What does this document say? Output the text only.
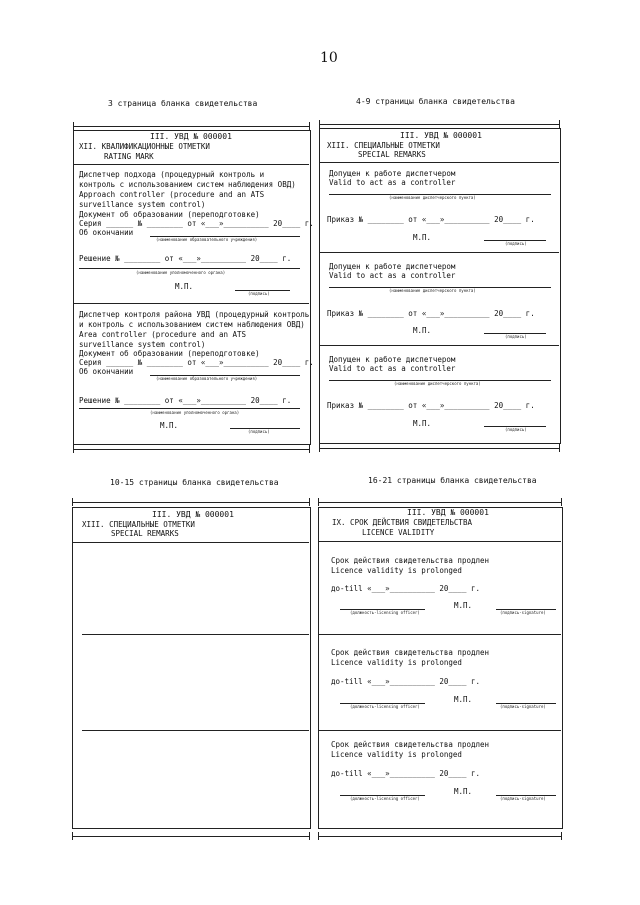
10
3 страница бланка свидетельства	4-9 страницы бланка свидетельства
10-15 страницы бланка свидетельства	16-21 страницы бланка свидетельства
III. УВД № 000001
XII. КВАЛИФИКАЦИОННЫЕ ОТМЕТКИ
RATING MARK
Диспетчер подхода (процедурный контроль и
контроль с использованием систем наблюдения ОВД)
Approach controller (procedure and an ATS
surveillance system control)
Документ об образовании (переподготовке)
Серия ______ № ________ от «___»__________ 20____ г.
Об окончании
(наименование образовательного учреждения)
Решение № ________ от «___»__________ 20____ г.
(наименование уполномоченного органа)
М.П.
(подпись)
Диспетчер контроля района УВД (процедурный контроль
и контроль с использованием систем наблюдения ОВД)
Area controller (procedure and an ATS
surveillance system control)
Документ об образовании (переподготовке)
Серия ______ № ________ от «___»__________ 20____ г.
Об окончании
(наименование образовательного учреждения)
Решение № ________ от «___»__________ 20____ г.
(наименование уполномоченного органа)
М.П.
(подпись)
III. УВД № 000001
XIII. СПЕЦИАЛЬНЫЕ ОТМЕТКИ
SPECIAL REMARKS
Допущен к работе диспетчером
Valid to act as a controller
(наименование диспетчерского пункта)
Приказ № ________ от «___»__________ 20____ г.
М.П.
(подпись)
Допущен к работе диспетчером
Valid to act as a controller
(наименование диспетчерского пункта)
Приказ № ________ от «___»__________ 20____ г.
М.П.
(подпись)
Допущен к работе диспетчером
Valid to act as a controller
(наименование диспетчерского пункта)
Приказ № ________ от «___»__________ 20____ г.
М.П.
(подпись)
III. УВД № 000001
XIII. СПЕЦИАЛЬНЫЕ ОТМЕТКИ
SPECIAL REMARKS
III. УВД № 000001
IX. СРОК ДЕЙСТВИЯ СВИДЕТЕЛЬСТВА
LICENCE VALIDITY
Срок действия свидетельства продлен
Licence validity is prolonged
до-till «___»__________ 20____ г.
М.П.
(должность-licensing officer)	(подпись-signature)
Срок действия свидетельства продлен
Licence validity is prolonged
до-till «___»__________ 20____ г.
М.П.
(должность-licensing officer)	(подпись-signature)
Срок действия свидетельства продлен
Licence validity is prolonged
до-till «___»__________ 20____ г.
М.П.
(должность-licensing officer)	(подпись-signature)
